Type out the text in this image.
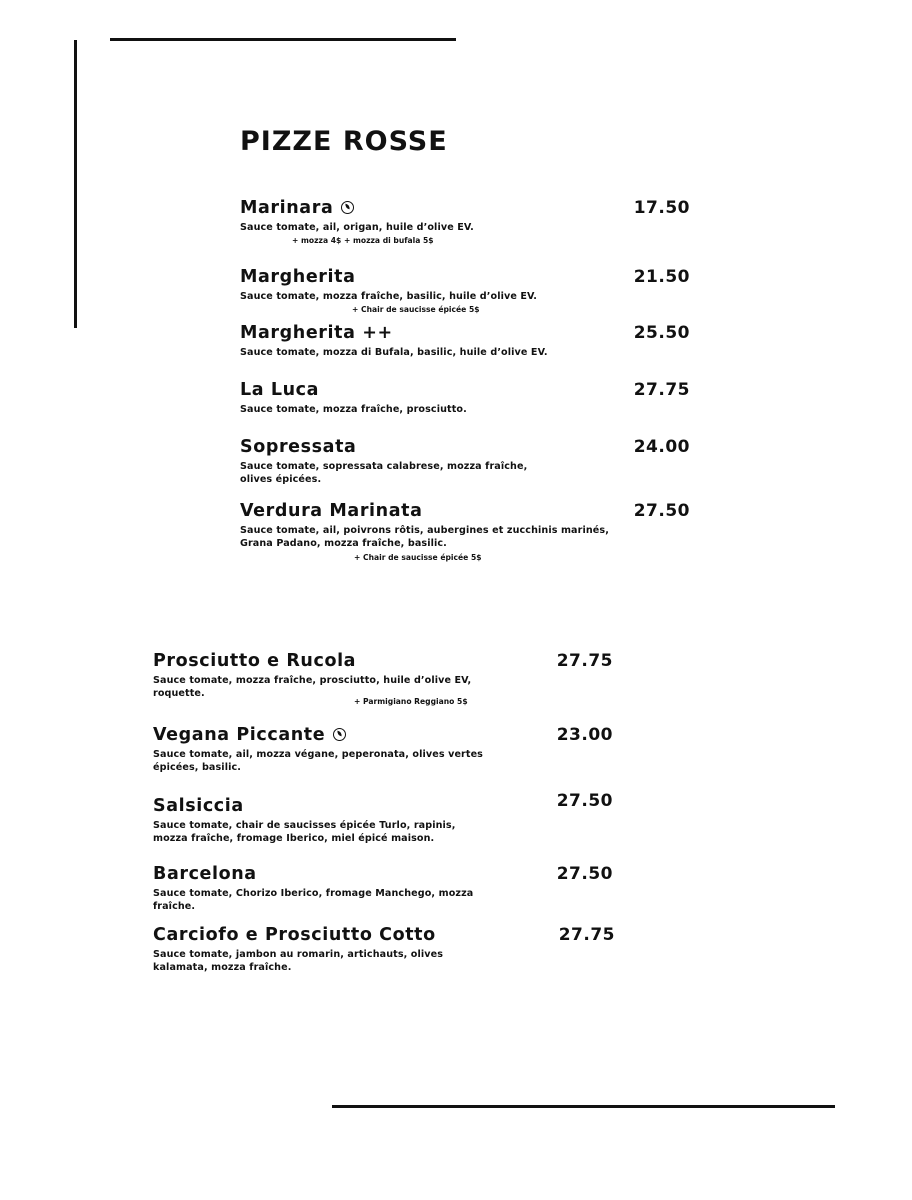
PIZZE ROSSE
Marinara	17.50
Sauce tomate, ail, origan, huile d’olive EV.
+ mozza 4$ + mozza di bufala 5$
Margherita	21.50
Sauce tomate, mozza fraîche, basilic, huile d’olive EV.
+ Chair de saucisse épicée 5$
Margherita ++	25.50
Sauce tomate, mozza di Bufala, basilic, huile d’olive EV.
La Luca	27.75
Sauce tomate, mozza fraîche, prosciutto.
Sopressata	24.00
Sauce tomate, sopressata calabrese, mozza fraîche, olives épicées.
Verdura Marinata	27.50
Sauce tomate, ail, poivrons rôtis, aubergines et zucchinis marinés, Grana Padano, mozza fraîche, basilic.
+ Chair de saucisse épicée 5$
Prosciutto e Rucola	27.75
Sauce tomate, mozza fraîche, prosciutto, huile d’olive EV, roquette.
+ Parmigiano Reggiano 5$
Vegana Piccante	23.00
Sauce tomate, ail, mozza végane, peperonata, olives vertes épicées, basilic.
Salsiccia	27.50
Sauce tomate, chair de saucisses épicée Turlo, rapinis, mozza fraîche, fromage Iberico, miel épicé maison.
Barcelona	27.50
Sauce tomate, Chorizo Iberico, fromage Manchego, mozza fraîche.
Carciofo e Prosciutto Cotto	27.75
Sauce tomate, jambon au romarin, artichauts, olives kalamata, mozza fraîche.
